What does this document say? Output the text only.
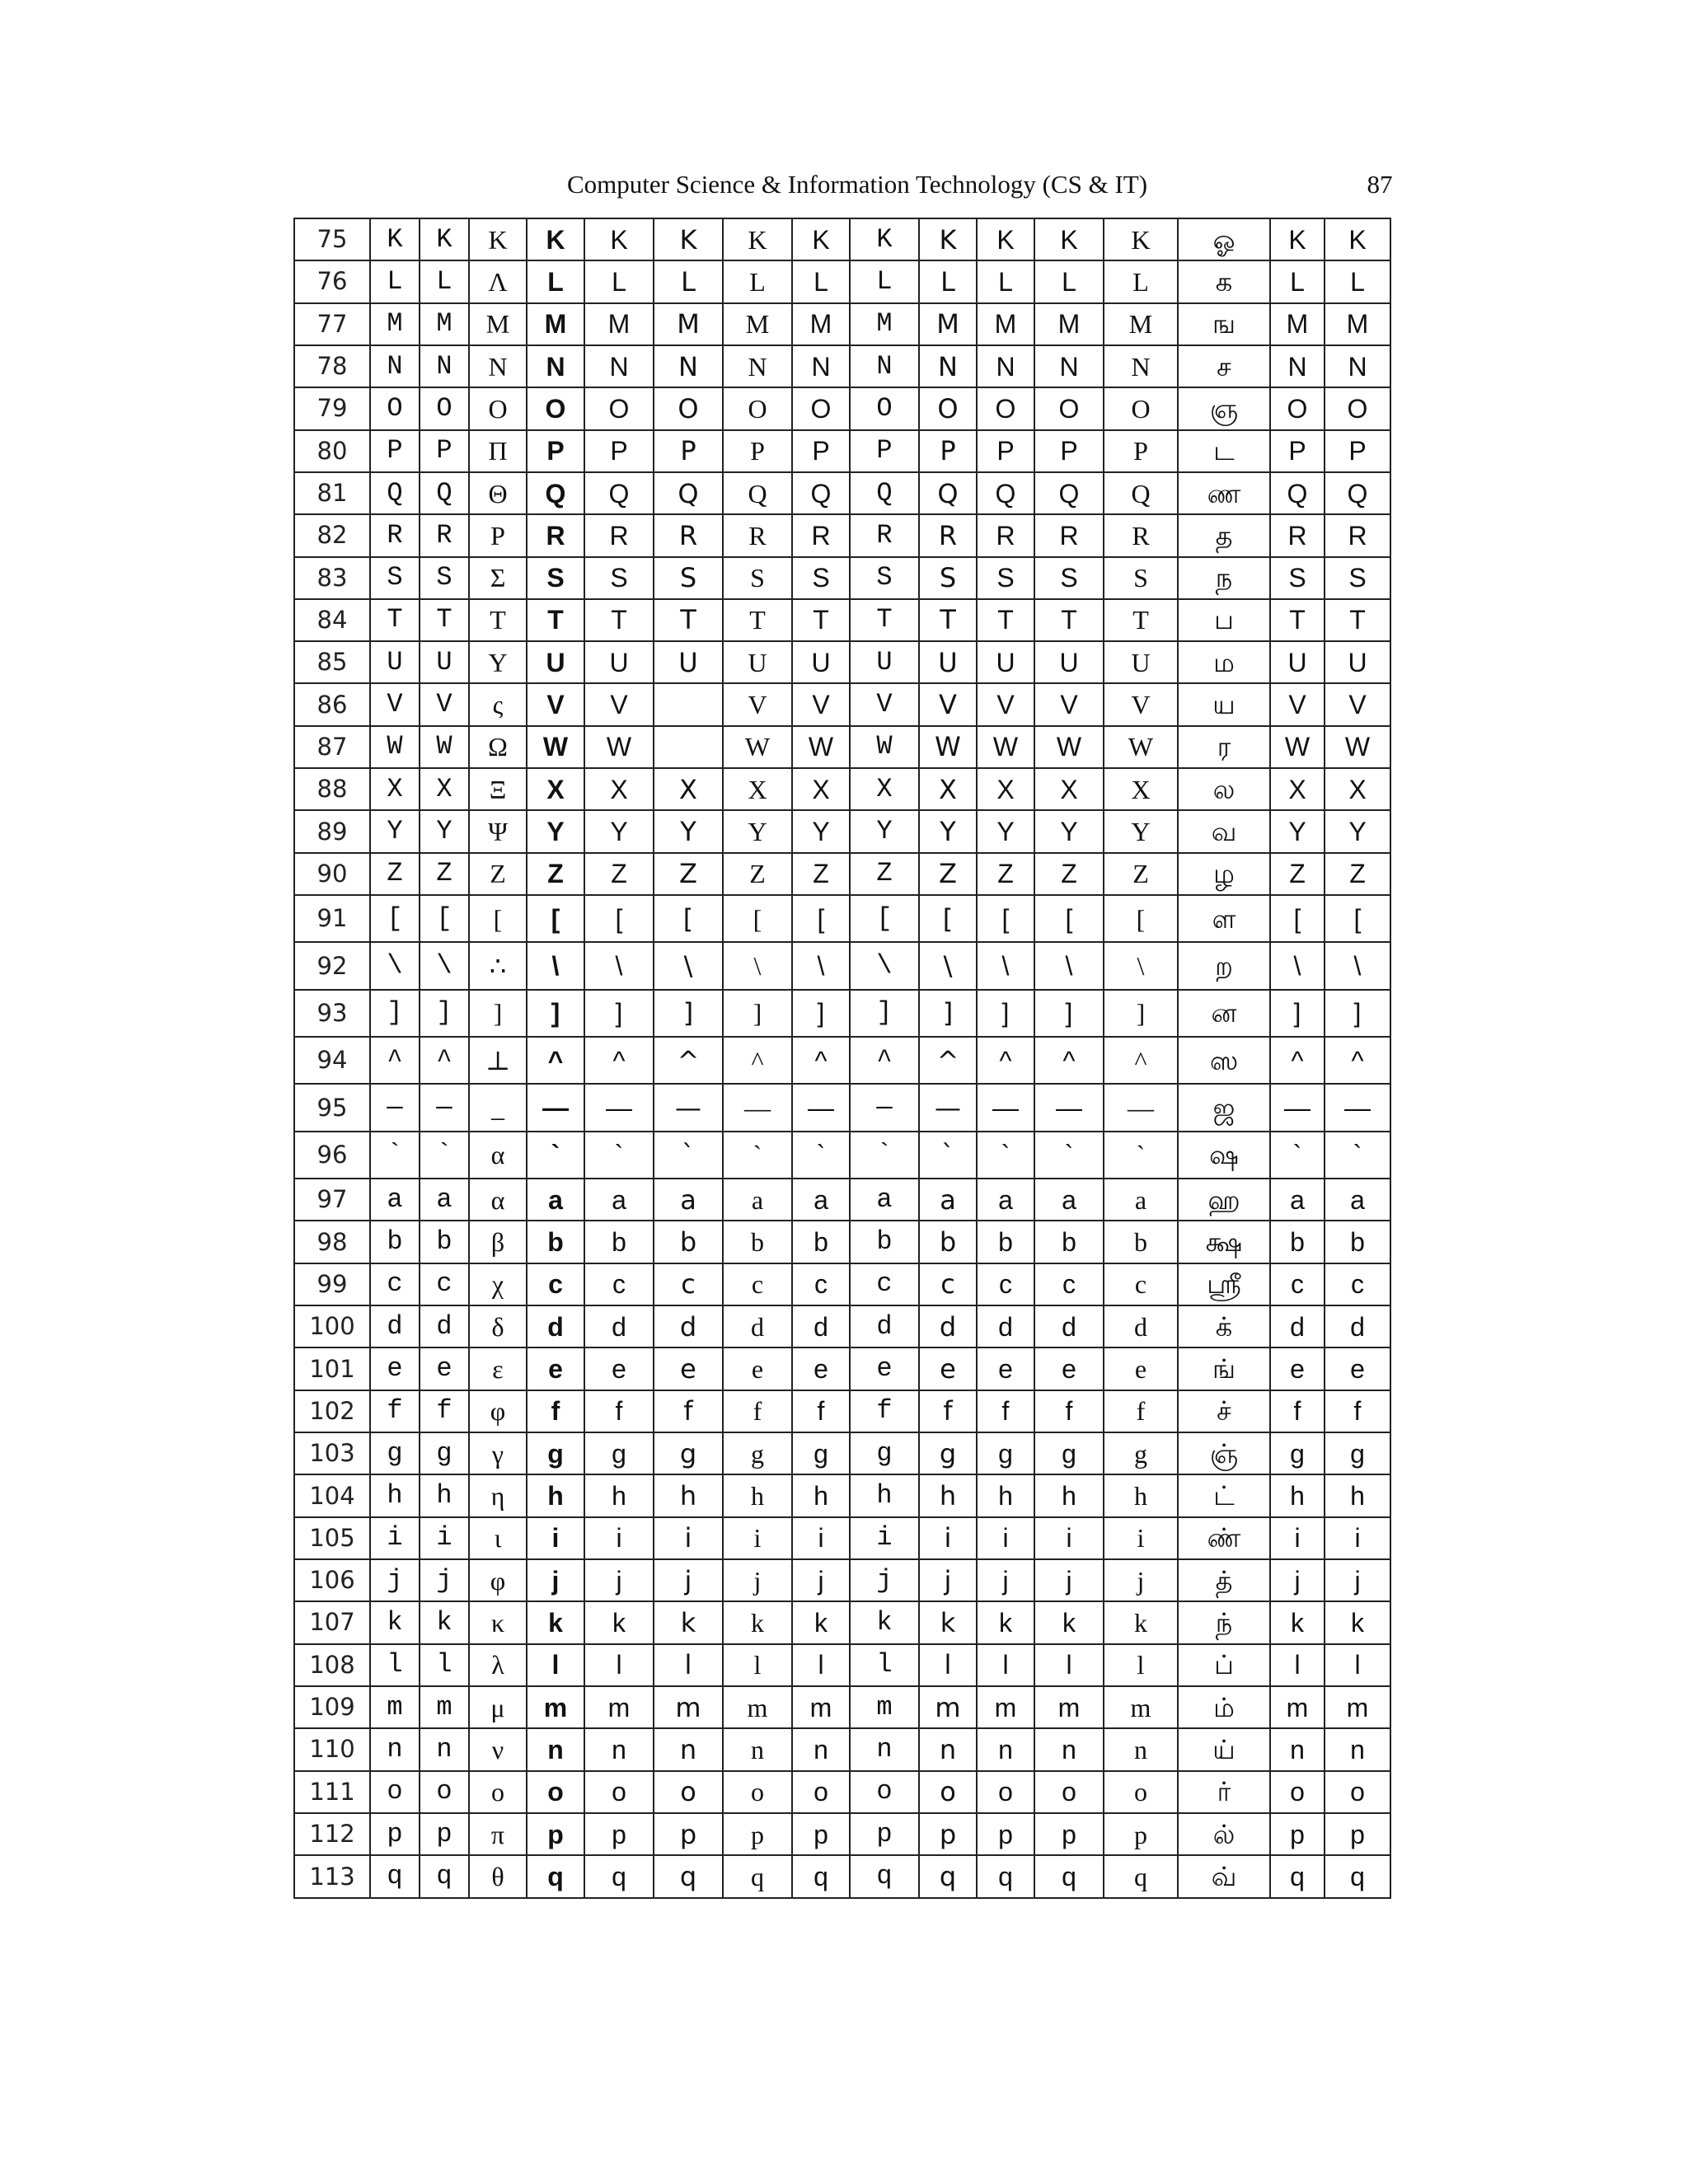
Computer Science & Information Technology (CS & IT)	87
75	K	K	Κ	K	K	K	K	K	K	K	K	K	K	ஓ	K	K
76	L	L	Λ	L	L	L	L	L	L	L	L	L	L	க	L	L
77	M	M	Μ	M	M	M	M	M	M	M	M	M	M	ங	M	M
78	N	N	Ν	N	N	N	N	N	N	N	N	N	N	ச	N	N
79	O	O	Ο	O	O	O	O	O	O	O	O	O	O	ஞ	O	O
80	P	P	Π	P	P	P	P	P	P	P	P	P	P	ட	P	P
81	Q	Q	Θ	Q	Q	Q	Q	Q	Q	Q	Q	Q	Q	ண	Q	Q
82	R	R	Ρ	R	R	R	R	R	R	R	R	R	R	த	R	R
83	S	S	Σ	S	S	S	S	S	S	S	S	S	S	ந	S	S
84	T	T	Τ	T	T	T	T	T	T	T	T	T	T	ப	T	T
85	U	U	Υ	U	U	U	U	U	U	U	U	U	U	ம	U	U
86	V	V	ς	V	V		V	V	V	V	V	V	V	ய	V	V
87	W	W	Ω	W	W		W	W	W	W	W	W	W	ர	W	W
88	X	X	Ξ	X	X	X	X	X	X	X	X	X	X	ல	X	X
89	Y	Y	Ψ	Y	Y	Y	Y	Y	Y	Y	Y	Y	Y	வ	Y	Y
90	Z	Z	Ζ	Z	Z	Z	Z	Z	Z	Z	Z	Z	Z	ழ	Z	Z
91	[	[	[	[	[	[	[	[	[	[	[	[	[	ள	[	[
92	\	\	∴	\	\	\	\	\	\	\	\	\	\	ற	\	\
93	]	]	]	]	]	]	]	]	]	]	]	]	]	ன	]	]
94	^	^	⊥	^	^	^	^	^	^	^	^	^	^	ஸ	^	^
95	—	—	_	—	—	—	—	—	—	—	—	—	—	ஜ	—	—
96	`	`	α	`	`	`	`	`	`	`	`	`	`	ஷ	`	`
97	a	a	α	a	a	a	a	a	a	a	a	a	a	ஹ	a	a
98	b	b	β	b	b	b	b	b	b	b	b	b	b	க்ஷ	b	b
99	c	c	χ	c	c	c	c	c	c	c	c	c	c	ஸ்ரீ	c	c
100	d	d	δ	d	d	d	d	d	d	d	d	d	d	க்	d	d
101	e	e	ε	e	e	e	e	e	e	e	e	e	e	ங்	e	e
102	f	f	φ	f	f	f	f	f	f	f	f	f	f	ச்	f	f
103	g	g	γ	g	g	g	g	g	g	g	g	g	g	ஞ்	g	g
104	h	h	η	h	h	h	h	h	h	h	h	h	h	ட்	h	h
105	i	i	ι	i	i	i	i	i	i	i	i	i	i	ண்	i	i
106	j	j	φ	j	j	j	j	j	j	j	j	j	j	த்	j	j
107	k	k	κ	k	k	k	k	k	k	k	k	k	k	ந்	k	k
108	l	l	λ	l	l	l	l	l	l	l	l	l	l	ப்	l	l
109	m	m	μ	m	m	m	m	m	m	m	m	m	m	ம்	m	m
110	n	n	ν	n	n	n	n	n	n	n	n	n	n	ய்	n	n
111	o	o	ο	o	o	o	o	o	o	o	o	o	o	ர்	o	o
112	p	p	π	p	p	p	p	p	p	p	p	p	p	ல்	p	p
113	q	q	θ	q	q	q	q	q	q	q	q	q	q	வ்	q	q
